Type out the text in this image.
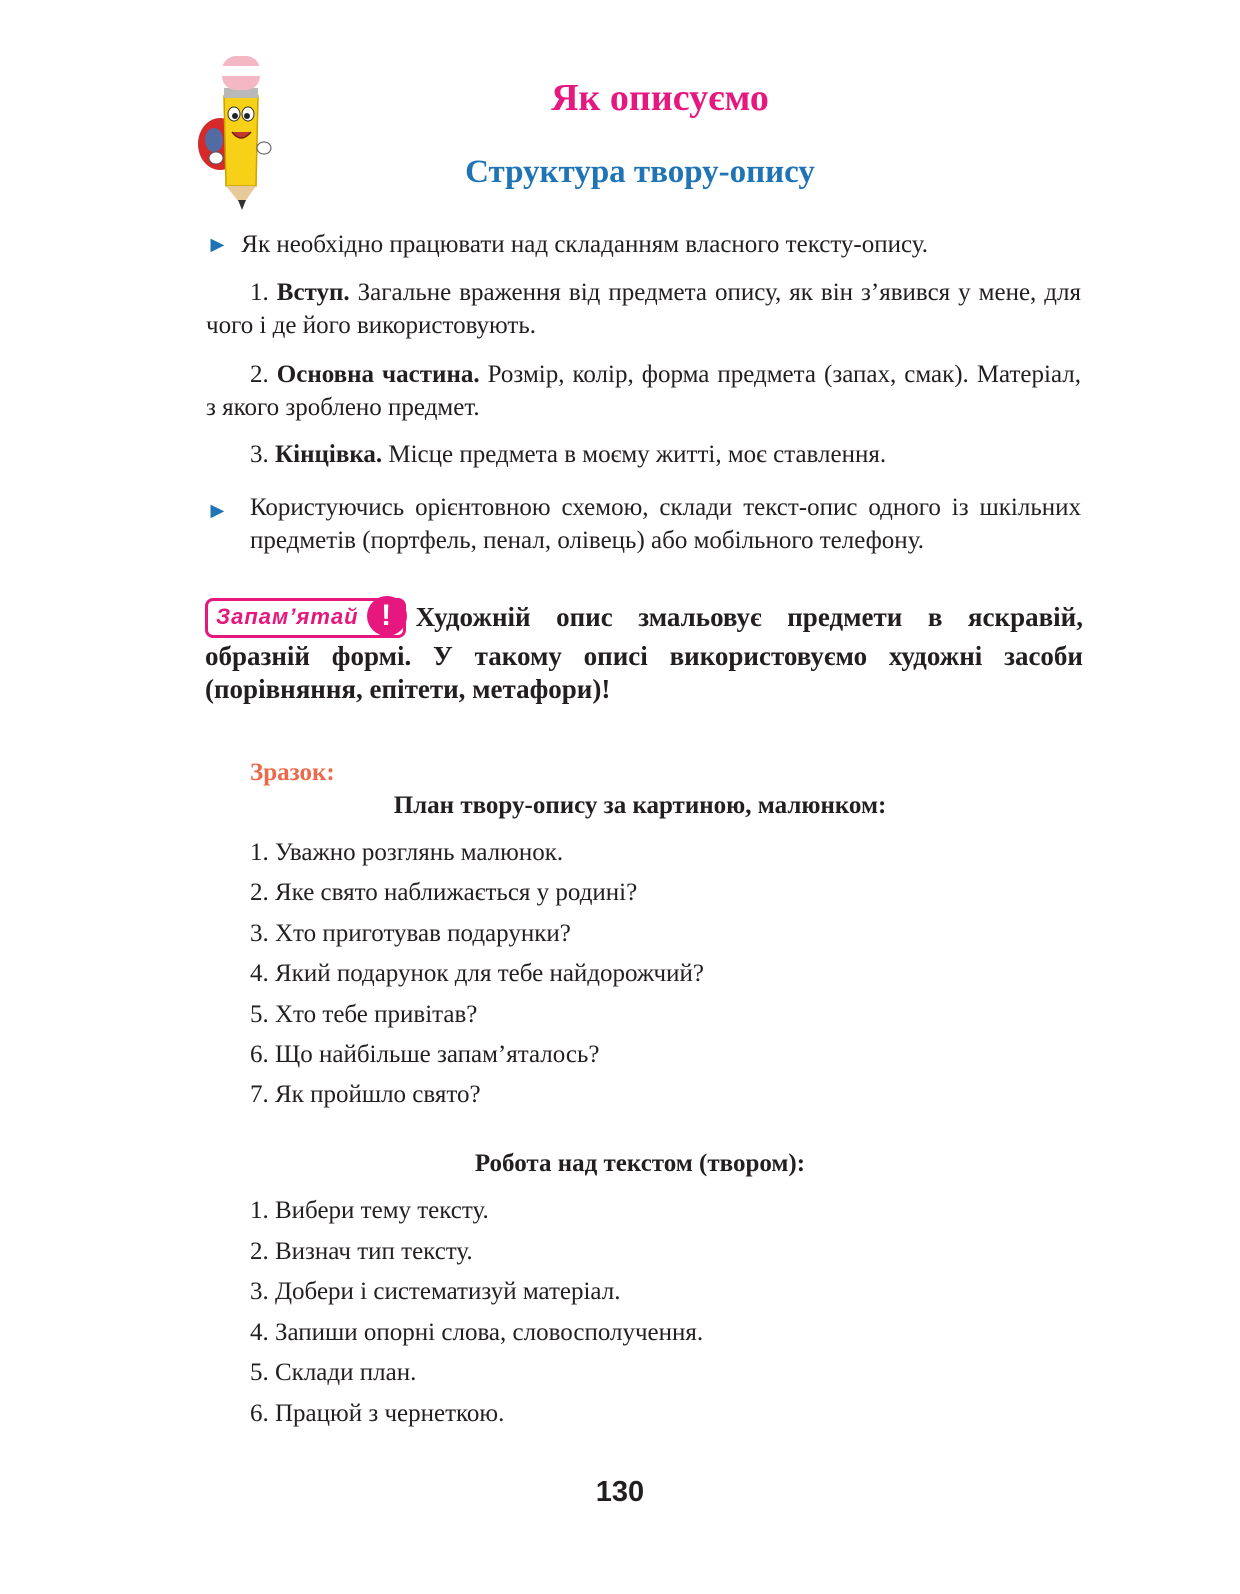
Як описуємо
Структура твору-опису
► Як необхідно працювати над складанням власного тексту-опису.
1. Вступ. Загальне враження від предмета опису, як він з’явився у мене, для чого і де його використовують.
2. Основна частина. Розмір, колір, форма предмета (запах, смак). Матеріал, з якого зроблено предмет.
3. Кінцівка. Місце предмета в моєму житті, моє ставлення.
► Користуючись орієнтовною схемою, склади текст-опис одного із шкільних предметів (портфель, пенал, олівець) або мобільного телефону.
Запам’ятай ! Художній опис змальовує предмети в яскравій, образній формі. У такому описі використовуємо художні засоби (порівняння, епітети, метафори)!
Зразок:
План твору-опису за картиною, малюнком:
1. Уважно розглянь малюнок.
2. Яке свято наближається у родині?
3. Хто приготував подарунки?
4. Який подарунок для тебе найдорожчий?
5. Хто тебе привітав?
6. Що найбільше запам’яталось?
7. Як пройшло свято?
Робота над текстом (твором):
1. Вибери тему тексту.
2. Визнач тип тексту.
3. Добери і систематизуй матеріал.
4. Запиши опорні слова, словосполучення.
5. Склади план.
6. Працюй з чернеткою.
130
